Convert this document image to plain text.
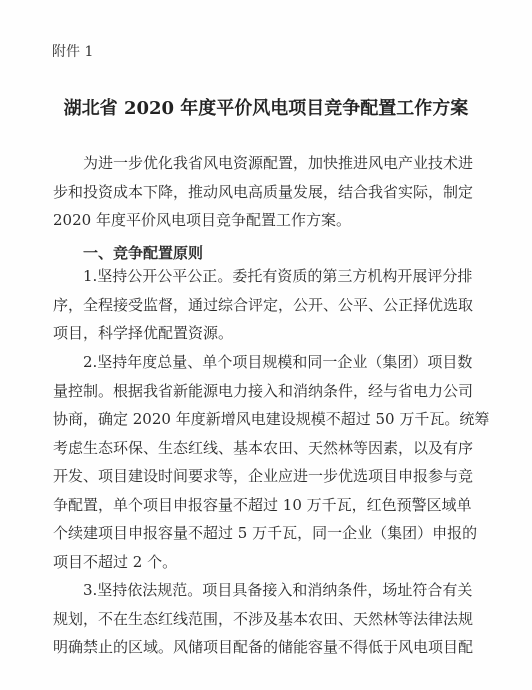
附件 1
湖北省 2020 年度平价风电项目竞争配置工作方案
　　为进一步优化我省风电资源配置，加快推进风电产业技术进
步和投资成本下降，推动风电高质量发展，结合我省实际，制定
2020 年度平价风电项目竞争配置工作方案。
一、竞争配置原则
　　1.坚持公开公平公正。委托有资质的第三方机构开展评分排
序，全程接受监督，通过综合评定，公开、公平、公正择优选取
项目，科学择优配置资源。
　　2.坚持年度总量、单个项目规模和同一企业（集团）项目数
量控制。根据我省新能源电力接入和消纳条件，经与省电力公司
协商，确定 2020 年度新增风电建设规模不超过 50 万千瓦。统筹
考虑生态环保、生态红线、基本农田、天然林等因素，以及有序
开发、项目建设时间要求等，企业应进一步优选项目申报参与竞
争配置，单个项目申报容量不超过 10 万千瓦，红色预警区域单
个续建项目申报容量不超过 5 万千瓦，同一企业（集团）申报的
项目不超过 2 个。
　　3.坚持依法规范。项目具备接入和消纳条件，场址符合有关
规划，不在生态红线范围，不涉及基本农田、天然林等法律法规
明确禁止的区域。风储项目配备的储能容量不得低于风电项目配
